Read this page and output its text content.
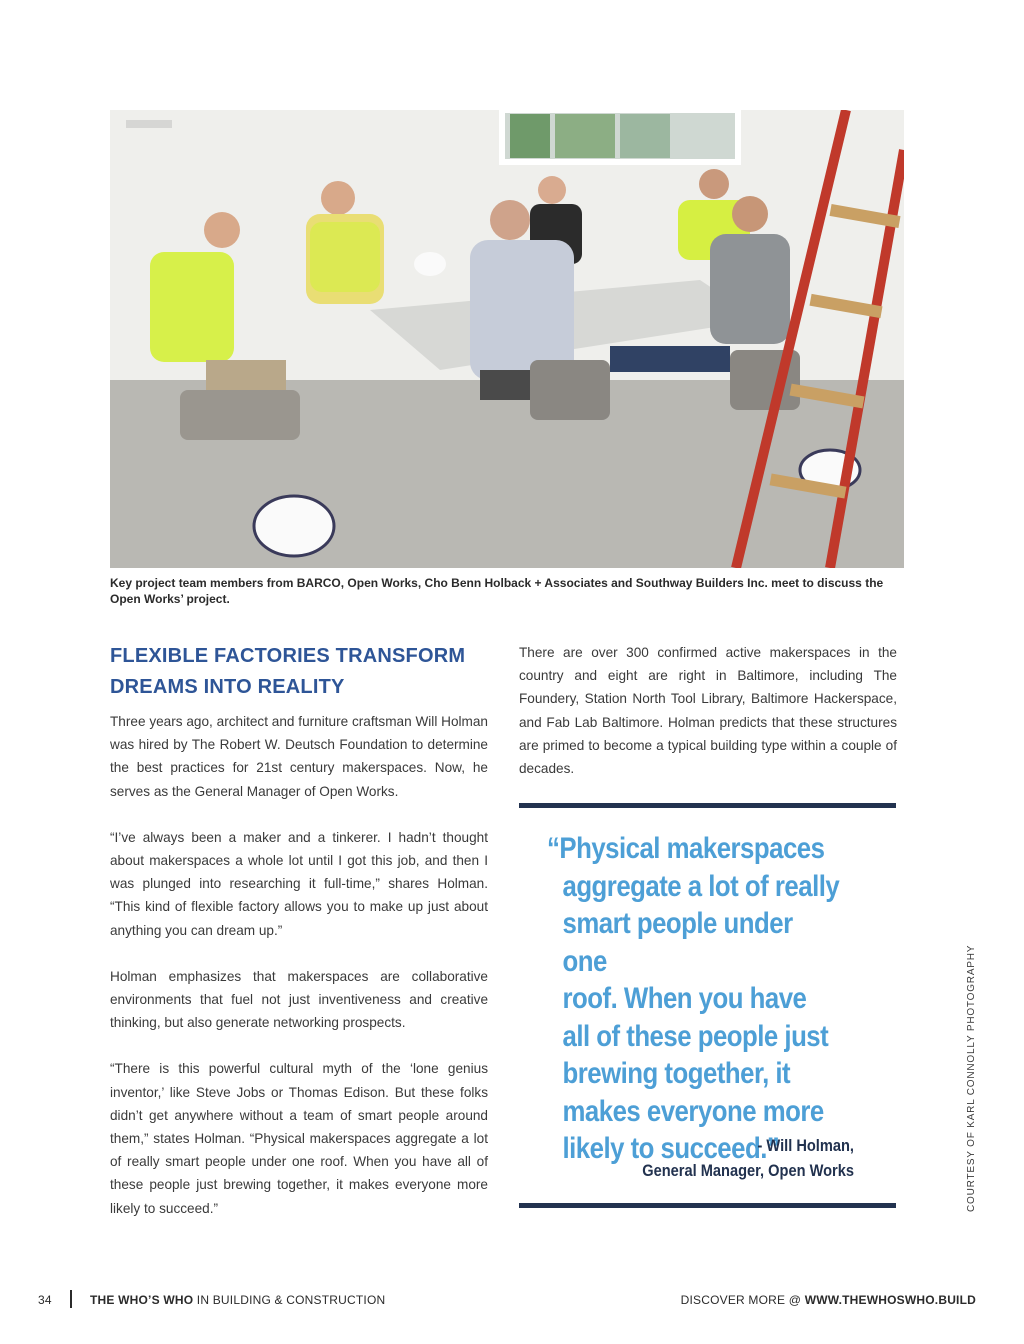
Key project team members from BARCO, Open Works, Cho Benn Holback + Associates and Southway Builders Inc. meet to discuss the Open Works’ project.
FLEXIBLE FACTORIES TRANSFORM
DREAMS INTO REALITY

Three years ago, architect and furniture craftsman Will Holman was hired by The Robert W. Deutsch Foundation to determine the best practices for 21st century makerspaces. Now, he serves as the General Manager of Open Works.

“I’ve always been a maker and a tinkerer. I hadn’t thought about makerspaces a whole lot until I got this job, and then I was plunged into researching it full-time,” shares Holman. “This kind of flexible factory allows you to make up just about anything you can dream up.”

Holman emphasizes that makerspaces are collaborative environments that fuel not just inventiveness and creative thinking, but also generate networking prospects.

“There is this powerful cultural myth of the ‘lone genius inventor,’ like Steve Jobs or Thomas Edison. But these folks didn’t get anywhere without a team of smart people around them,” states Holman. “Physical makerspaces aggregate a lot of really smart people under one roof. When you have all of these people just brewing together, it makes everyone more likely to succeed.”

There are over 300 confirmed active makerspaces in the country and eight are right in Baltimore, including The Foundery, Station North Tool Library, Baltimore Hackerspace, and Fab Lab Baltimore. Holman predicts that these structures are primed to become a typical building type within a couple of decades.

“Physical makerspaces
aggregate a lot of really
smart people under one
roof. When you have
all of these people just
brewing together, it
makes everyone more
likely to succeed.”
- Will Holman,
General Manager, Open Works	COURTESY OF KARL CONNOLLY PHOTOGRAPHY
34	THE WHO’S WHO IN BUILDING & CONSTRUCTION	DISCOVER MORE @ WWW.THEWHOSWHO.BUILD
